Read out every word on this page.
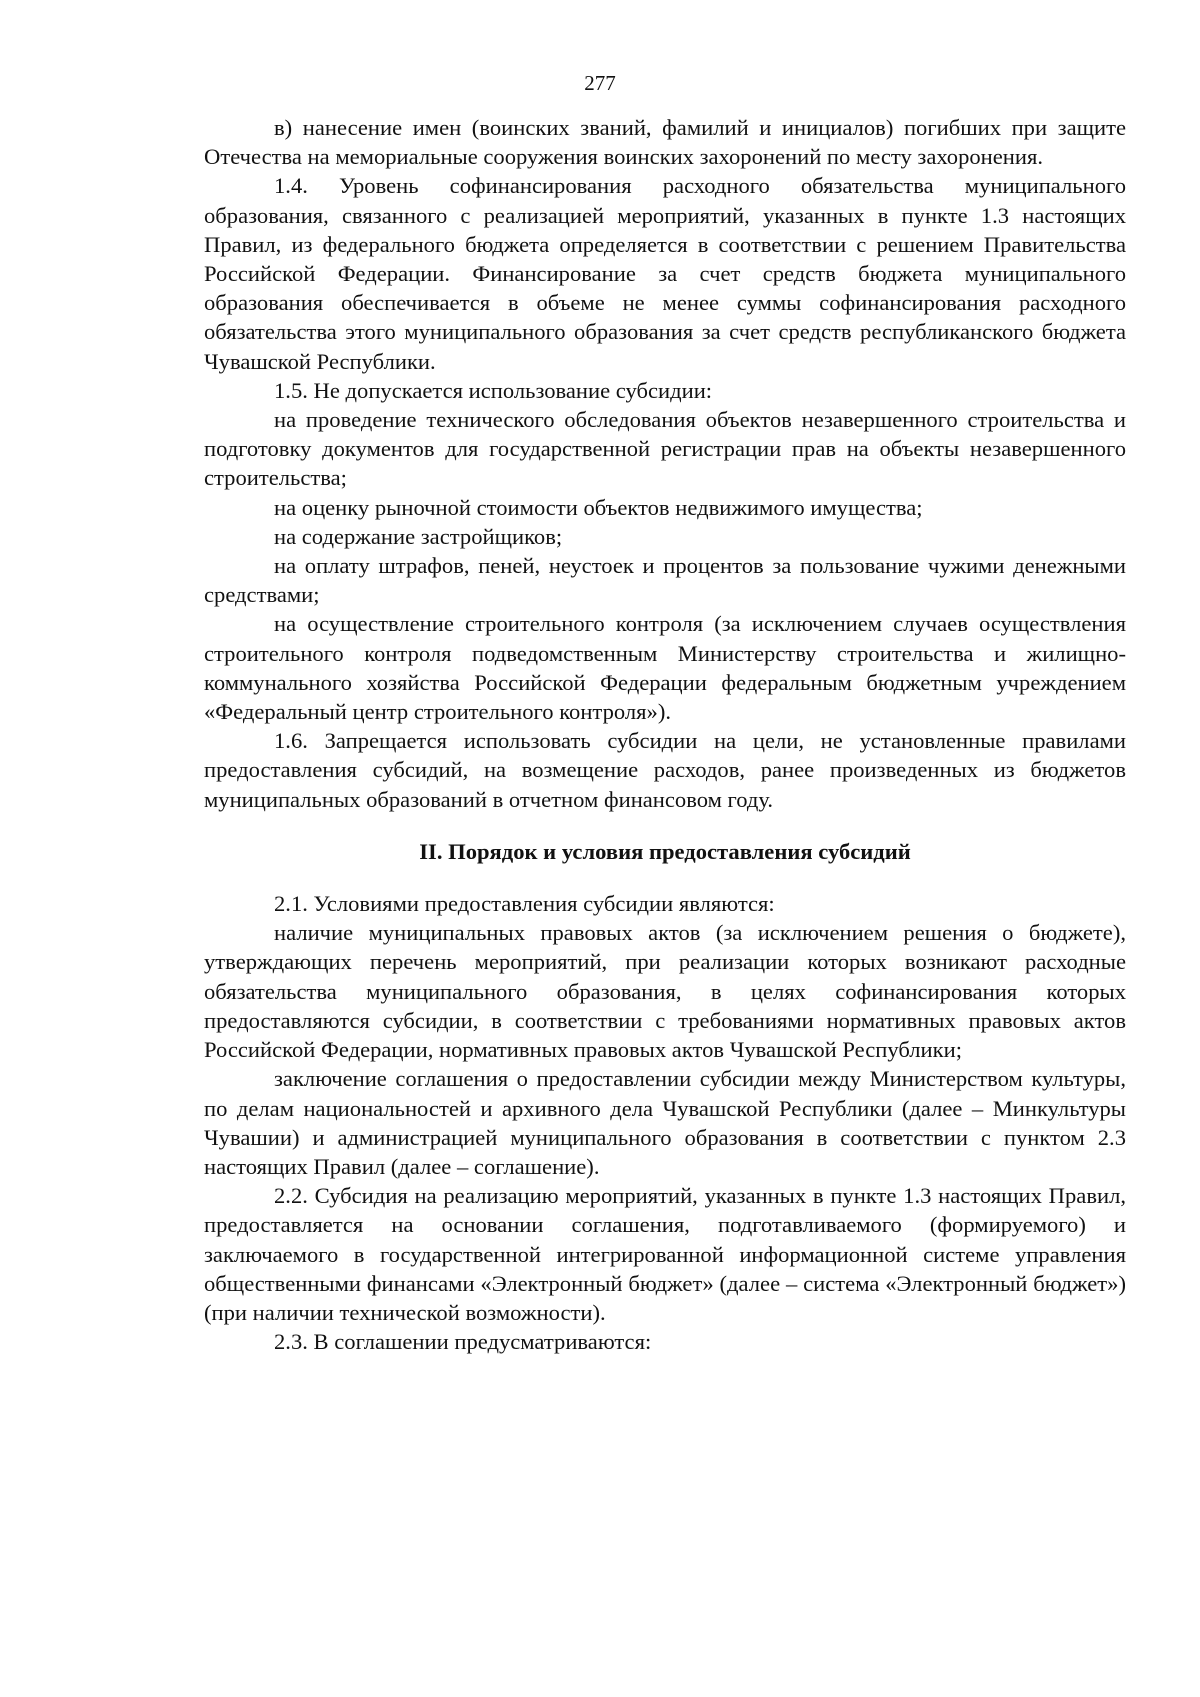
277

в) нанесение имен (воинских званий, фамилий и инициалов) погибших при защите Отечества на мемориальные сооружения воинских захоронений по месту захоронения.

1.4. Уровень софинансирования расходного обязательства муниципального образования, связанного с реализацией мероприятий, указанных в пункте 1.3 настоящих Правил, из федерального бюджета определяется в соответствии с решением Правительства Российской Федерации. Финансирование за счет средств бюджета муниципального образования обеспечивается в объеме не менее суммы софинансирования расходного обязательства этого муниципального образования за счет средств республиканского бюджета Чувашской Республики.

1.5. Не допускается использование субсидии:

на проведение технического обследования объектов незавершенного строительства и подготовку документов для государственной регистрации прав на объекты незавершенного строительства;

на оценку рыночной стоимости объектов недвижимого имущества;

на содержание застройщиков;

на оплату штрафов, пеней, неустоек и процентов за пользование чужими денежными средствами;

на осуществление строительного контроля (за исключением случаев осуществления строительного контроля подведомственным Министерству строительства и жилищно-коммунального хозяйства Российской Федерации федеральным бюджетным учреждением «Федеральный центр строительного контроля»).

1.6. Запрещается использовать субсидии на цели, не установленные правилами предоставления субсидий, на возмещение расходов, ранее произведенных из бюджетов муниципальных образований в отчетном финансовом году.

II. Порядок и условия предоставления субсидий

2.1. Условиями предоставления субсидии являются:

наличие муниципальных правовых актов (за исключением решения о бюджете), утверждающих перечень мероприятий, при реализации которых возникают расходные обязательства муниципального образования, в целях софинансирования которых предоставляются субсидии, в соответствии с требованиями нормативных правовых актов Российской Федерации, нормативных правовых актов Чувашской Республики;

заключение соглашения о предоставлении субсидии между Министерством культуры, по делам национальностей и архивного дела Чувашской Республики (далее – Минкультуры Чувашии) и администрацией муниципального образования в соответствии с пунктом 2.3 настоящих Правил (далее – соглашение).

2.2. Субсидия на реализацию мероприятий, указанных в пункте 1.3 настоящих Правил, предоставляется на основании соглашения, подготавливаемого (формируемого) и заключаемого в государственной интегрированной информационной системе управления общественными финансами «Электронный бюджет» (далее – система «Электронный бюджет») (при наличии технической возможности).

2.3. В соглашении предусматриваются:
